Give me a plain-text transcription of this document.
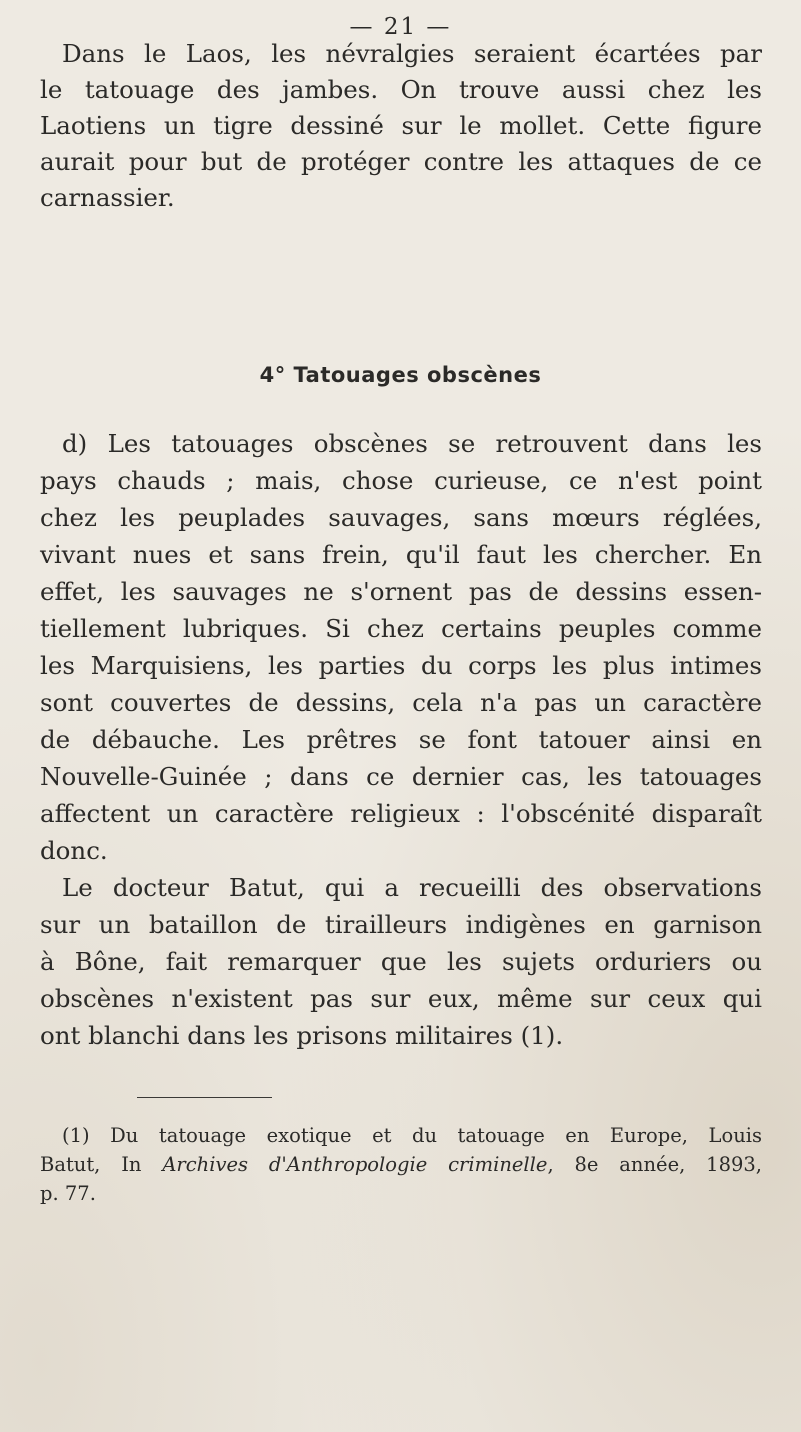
— 21 —
Dans le Laos, les névralgies seraient écartées par
le tatouage des jambes. On trouve aussi chez les
Laotiens un tigre dessiné sur le mollet. Cette figure
aurait pour but de protéger contre les attaques de ce
carnassier.
4° Tatouages obscènes
d) Les tatouages obscènes se retrouvent dans les
pays chauds ; mais, chose curieuse, ce n'est point
chez les peuplades sauvages, sans mœurs réglées,
vivant nues et sans frein, qu'il faut les chercher. En
effet, les sauvages ne s'ornent pas de dessins essen-
tiellement lubriques. Si chez certains peuples comme
les Marquisiens, les parties du corps les plus intimes
sont couvertes de dessins, cela n'a pas un caractère
de débauche. Les prêtres se font tatouer ainsi en
Nouvelle-Guinée ; dans ce dernier cas, les tatouages
affectent un caractère religieux : l'obscénité disparaît
donc.
Le docteur Batut, qui a recueilli des observations
sur un bataillon de tirailleurs indigènes en garnison
à Bône, fait remarquer que les sujets orduriers ou
obscènes n'existent pas sur eux, même sur ceux qui
ont blanchi dans les prisons militaires (1).
(1) Du tatouage exotique et du tatouage en Europe, Louis
Batut, In Archives d'Anthropologie criminelle, 8e année, 1893,
p. 77.
